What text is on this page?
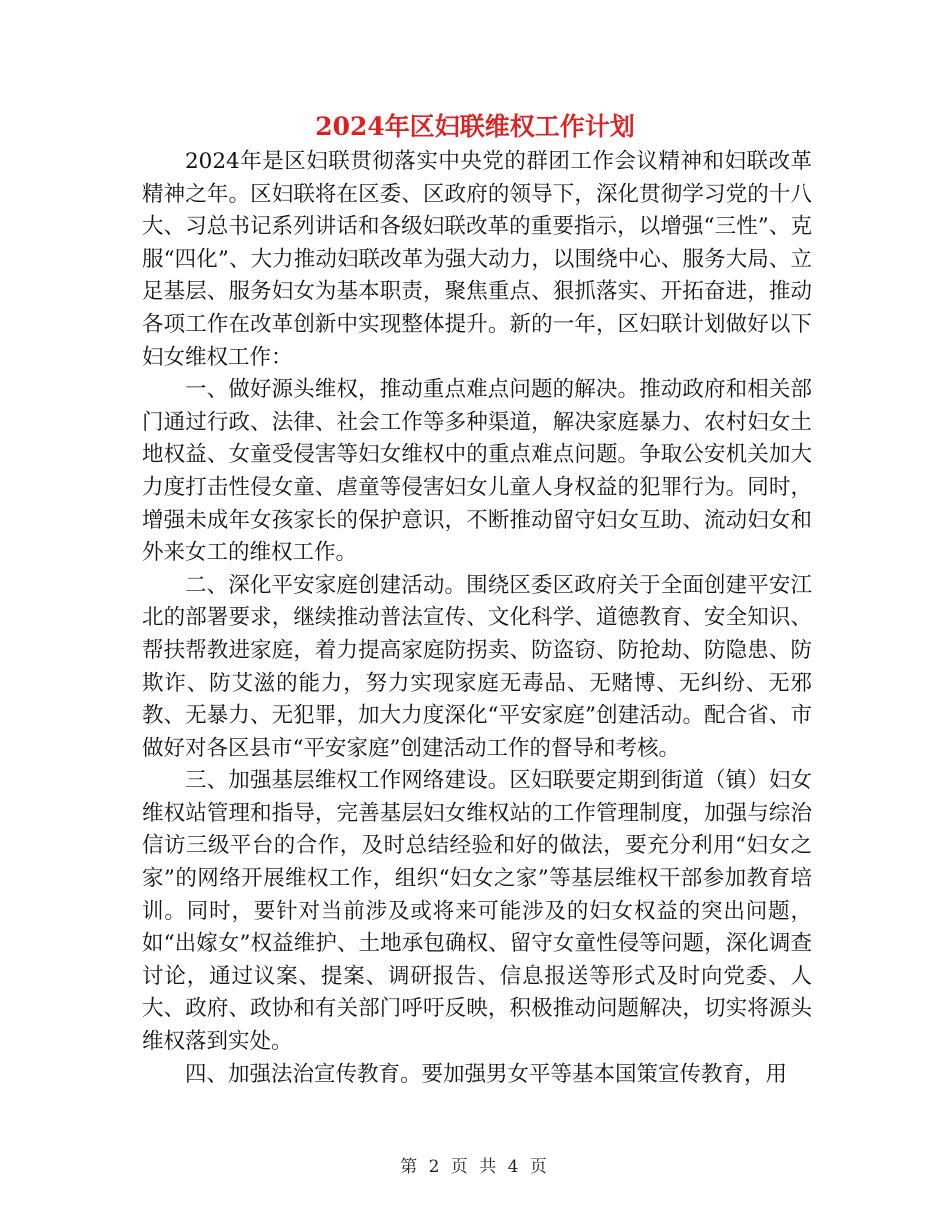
2024年区妇联维权工作计划

2024年是区妇联贯彻落实中央党的群团工作会议精神和妇联改革精神之年。区妇联将在区委、区政府的领导下，深化贯彻学习党的十八大、习总书记系列讲话和各级妇联改革的重要指示，以增强“三性”、克服“四化”、大力推动妇联改革为强大动力，以围绕中心、服务大局、立足基层、服务妇女为基本职责，聚焦重点、狠抓落实、开拓奋进，推动各项工作在改革创新中实现整体提升。新的一年，区妇联计划做好以下妇女维权工作：

一、做好源头维权，推动重点难点问题的解决。推动政府和相关部门通过行政、法律、社会工作等多种渠道，解决家庭暴力、农村妇女土地权益、女童受侵害等妇女维权中的重点难点问题。争取公安机关加大力度打击性侵女童、虐童等侵害妇女儿童人身权益的犯罪行为。同时，增强未成年女孩家长的保护意识，不断推动留守妇女互助、流动妇女和外来女工的维权工作。

二、深化平安家庭创建活动。围绕区委区政府关于全面创建平安江北的部署要求，继续推动普法宣传、文化科学、道德教育、安全知识、帮扶帮教进家庭，着力提高家庭防拐卖、防盗窃、防抢劫、防隐患、防欺诈、防艾滋的能力，努力实现家庭无毒品、无赌博、无纠纷、无邪教、无暴力、无犯罪，加大力度深化“平安家庭”创建活动。配合省、市做好对各区县市“平安家庭”创建活动工作的督导和考核。

三、加强基层维权工作网络建设。区妇联要定期到街道（镇）妇女维权站管理和指导，完善基层妇女维权站的工作管理制度，加强与综治信访三级平台的合作，及时总结经验和好的做法，要充分利用“妇女之家”的网络开展维权工作，组织“妇女之家”等基层维权干部参加教育培训。同时，要针对当前涉及或将来可能涉及的妇女权益的突出问题，如“出嫁女”权益维护、土地承包确权、留守女童性侵等问题，深化调查讨论，通过议案、提案、调研报告、信息报送等形式及时向党委、人大、政府、政协和有关部门呼吁反映，积极推动问题解决，切实将源头维权落到实处。

四、加强法治宣传教育。要加强男女平等基本国策宣传教育，用

第 2 页 共 4 页
